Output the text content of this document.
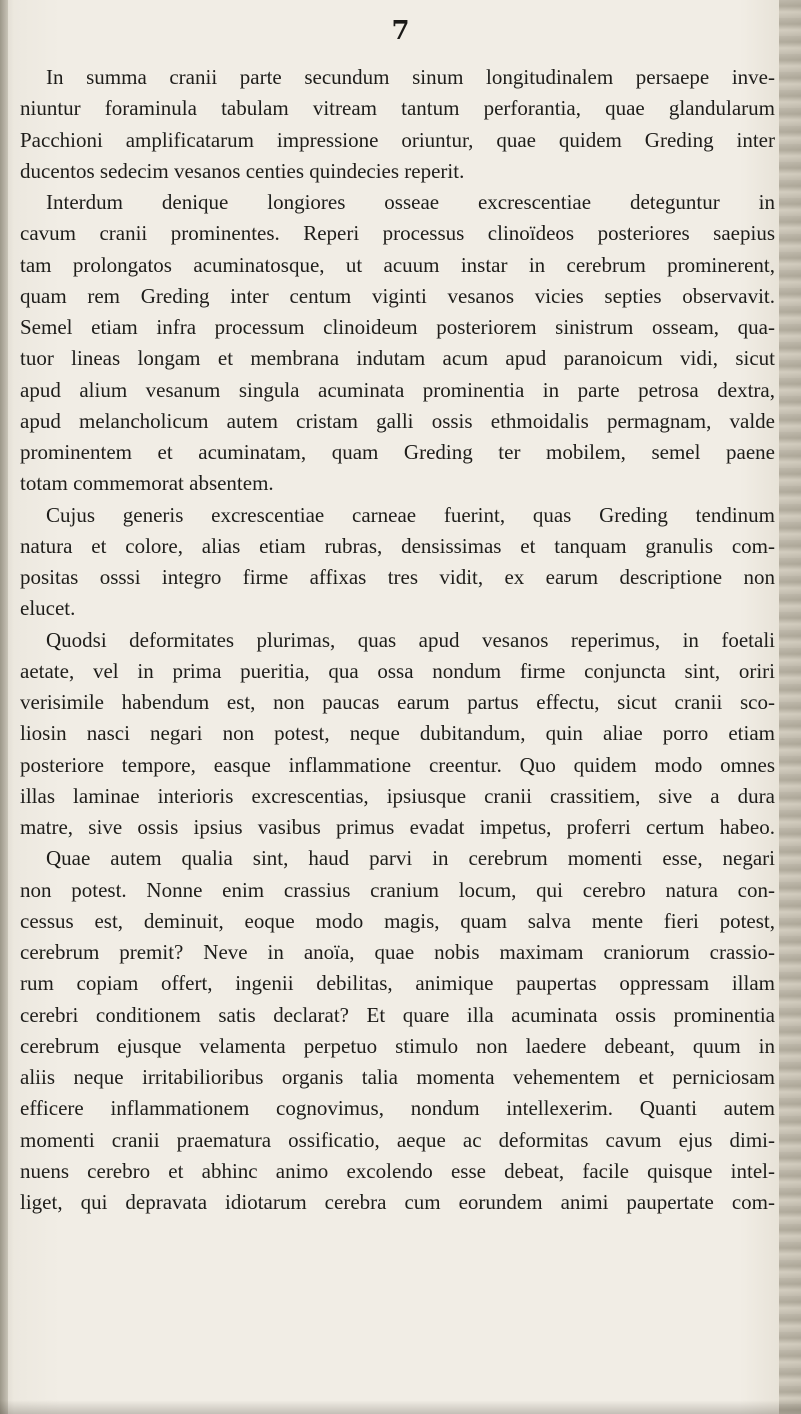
7

In summa cranii parte secundum sinum longitudinalem persaepe inve-
niuntur foraminula tabulam vitream tantum perforantia, quae glandularum
Pacchioni amplificatarum impressione oriuntur, quae quidem Greding inter
ducentos sedecim vesanos centies quindecies reperit.
Interdum denique longiores osseae excrescentiae deteguntur in
cavum cranii prominentes. Reperi processus clinoïdeos posteriores saepius
tam prolongatos acuminatosque, ut acuum instar in cerebrum prominerent,
quam rem Greding inter centum viginti vesanos vicies septies observavit.
Semel etiam infra processum clinoideum posteriorem sinistrum osseam, qua-
tuor lineas longam et membrana indutam acum apud paranoicum vidi, sicut
apud alium vesanum singula acuminata prominentia in parte petrosa dextra,
apud melancholicum autem cristam galli ossis ethmoidalis permagnam, valde
prominentem et acuminatam, quam Greding ter mobilem, semel paene
totam commemorat absentem.
Cujus generis excrescentiae carneae fuerint, quas Greding tendinum
natura et colore, alias etiam rubras, densissimas et tanquam granulis com-
positas osssi integro firme affixas tres vidit, ex earum descriptione non
elucet.
Quodsi deformitates plurimas, quas apud vesanos reperimus, in foetali
aetate, vel in prima pueritia, qua ossa nondum firme conjuncta sint, oriri
verisimile habendum est, non paucas earum partus effectu, sicut cranii sco-
liosin nasci negari non potest, neque dubitandum, quin aliae porro etiam
posteriore tempore, easque inflammatione creentur. Quo quidem modo omnes
illas laminae interioris excrescentias, ipsiusque cranii crassitiem, sive a dura
matre, sive ossis ipsius vasibus primus evadat impetus, proferri certum habeo.
Quae autem qualia sint, haud parvi in cerebrum momenti esse, negari
non potest. Nonne enim crassius cranium locum, qui cerebro natura con-
cessus est, deminuit, eoque modo magis, quam salva mente fieri potest,
cerebrum premit? Neve in anoïa, quae nobis maximam craniorum crassio-
rum copiam offert, ingenii debilitas, animique paupertas oppressam illam
cerebri conditionem satis declarat? Et quare illa acuminata ossis prominentia
cerebrum ejusque velamenta perpetuo stimulo non laedere debeant, quum in
aliis neque irritabilioribus organis talia momenta vehementem et perniciosam
efficere inflammationem cognovimus, nondum intellexerim. Quanti autem
momenti cranii praematura ossificatio, aeque ac deformitas cavum ejus dimi-
nuens cerebro et abhinc animo excolendo esse debeat, facile quisque intel-
liget, qui depravata idiotarum cerebra cum eorundem animi paupertate com-
